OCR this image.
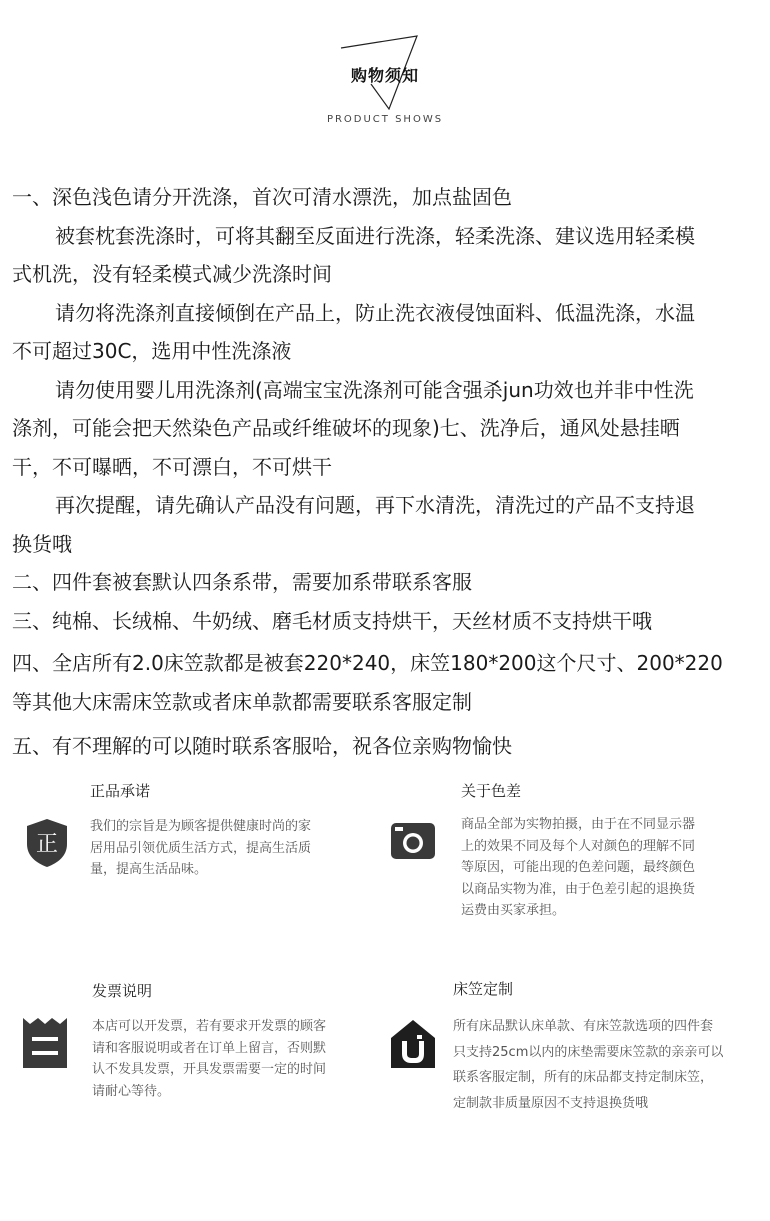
购物须知
PRODUCT SHOWS
一、深色浅色请分开洗涤，首次可清水漂洗，加点盐固色
被套枕套洗涤时，可将其翻至反面进行洗涤，轻柔洗涤、建议选用轻柔模
式机洗，没有轻柔模式减少洗涤时间
请勿将洗涤剂直接倾倒在产品上，防止洗衣液侵蚀面料、低温洗涤，水温
不可超过30C，选用中性洗涤液
请勿使用婴儿用洗涤剂(高端宝宝洗涤剂可能含强杀jun功效也并非中性洗
涤剂，可能会把天然染色产品或纤维破坏的现象)七、洗净后，通风处悬挂晒
干，不可曝晒，不可漂白，不可烘干
再次提醒，请先确认产品没有问题，再下水清洗，清洗过的产品不支持退
换货哦
二、四件套被套默认四条系带，需要加系带联系客服
三、纯棉、长绒棉、牛奶绒、磨毛材质支持烘干，天丝材质不支持烘干哦
四、全店所有2.0床笠款都是被套220*240，床笠180*200这个尺寸、200*220
等其他大床需床笠款或者床单款都需要联系客服定制
五、有不理解的可以随时联系客服哈，祝各位亲购物愉快
正品承诺
正
我们的宗旨是为顾客提供健康时尚的家
居用品引领优质生活方式，提高生活质
量，提高生活品味。
关于色差
商品全部为实物拍摄，由于在不同显示器
上的效果不同及每个人对颜色的理解不同
等原因，可能出现的色差问题，最终颜色
以商品实物为准，由于色差引起的退换货
运费由买家承担。
发票说明
本店可以开发票，若有要求开发票的顾客
请和客服说明或者在订单上留言，否则默
认不发具发票，开具发票需要一定的时间
请耐心等待。
床笠定制
所有床品默认床单款、有床笠款选项的四件套
只支持25cm以内的床垫需要床笠款的亲亲可以
联系客服定制，所有的床品都支持定制床笠，
定制款非质量原因不支持退换货哦
